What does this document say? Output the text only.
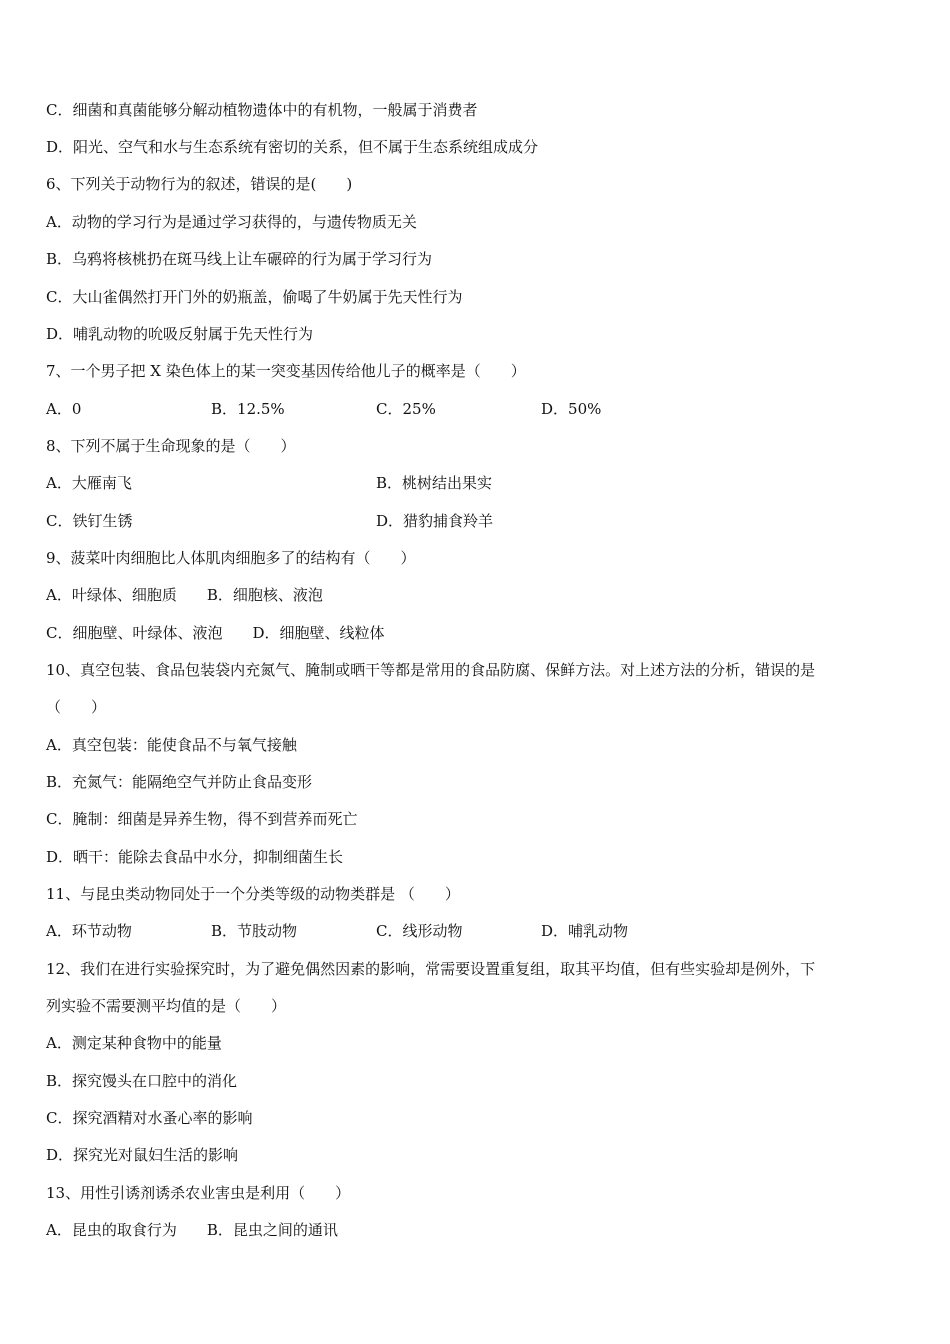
C．细菌和真菌能够分解动植物遗体中的有机物，一般属于消费者
D．阳光、空气和水与生态系统有密切的关系，但不属于生态系统组成成分
6、下列关于动物行为的叙述，错误的是(　　)
A．动物的学习行为是通过学习获得的，与遗传物质无关
B．乌鸦将核桃扔在斑马线上让车碾碎的行为属于学习行为
C．大山雀偶然打开门外的奶瓶盖，偷喝了牛奶属于先天性行为
D．哺乳动物的吮吸反射属于先天性行为
7、一个男子把 X 染色体上的某一突变基因传给他儿子的概率是（　　）
A．0	B．12.5%	C．25%	D．50%
8、下列不属于生命现象的是（　　）
A．大雁南飞	B．桃树结出果实
C．铁钉生锈	D．猎豹捕食羚羊
9、菠菜叶肉细胞比人体肌肉细胞多了的结构有（　　）
A．叶绿体、细胞质　　B．细胞核、液泡
C．细胞壁、叶绿体、液泡　　D．细胞壁、线粒体
10、真空包装、食品包装袋内充氮气、腌制或晒干等都是常用的食品防腐、保鲜方法。对上述方法的分析，错误的是
（　　）
A．真空包装：能使食品不与氧气接触
B．充氮气：能隔绝空气并防止食品变形
C．腌制：细菌是异养生物，得不到营养而死亡
D．晒干：能除去食品中水分，抑制细菌生长
11、与昆虫类动物同处于一个分类等级的动物类群是 （　　）
A．环节动物	B．节肢动物	C．线形动物	D．哺乳动物
12、我们在进行实验探究时，为了避免偶然因素的影响，常需要设置重复组，取其平均值，但有些实验却是例外，下
列实验不需要测平均值的是（　　）
A．测定某种食物中的能量
B．探究馒头在口腔中的消化
C．探究酒精对水蚤心率的影响
D．探究光对鼠妇生活的影响
13、用性引诱剂诱杀农业害虫是利用（　　）
A．昆虫的取食行为　　B．昆虫之间的通讯
